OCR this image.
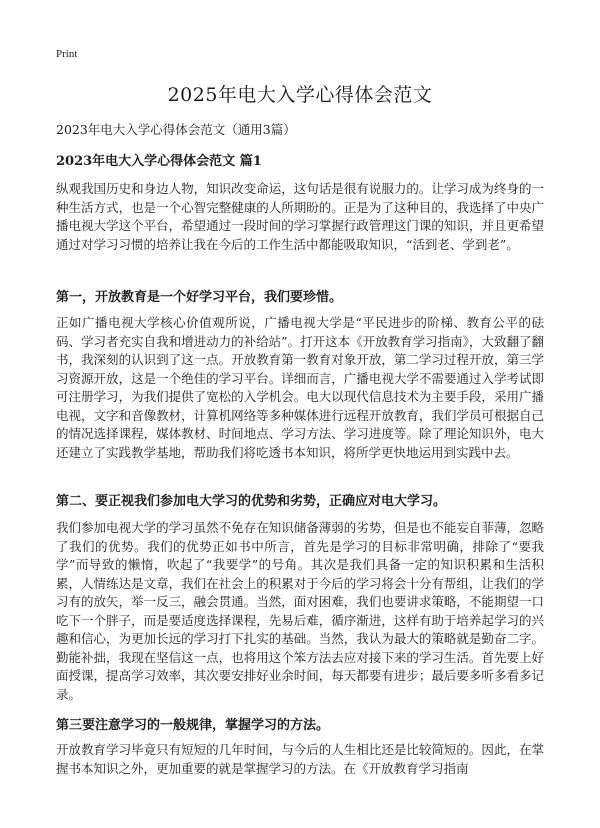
Print
2025年电大入学心得体会范文
2023年电大入学心得体会范文（通用3篇）
2023年电大入学心得体会范文 篇1

纵观我国历史和身边人物，知识改变命运，这句话是很有说服力的。让学习成为终身的一种生活方式，也是一个心智完整健康的人所期盼的。正是为了这种目的，我选择了中央广播电视大学这个平台，希望通过一段时间的学习掌握行政管理这门课的知识，并且更希望通过对学习习惯的培养让我在今后的工作生活中都能吸取知识，“活到老、学到老”。

第一，开放教育是一个好学习平台，我们要珍惜。

正如广播电视大学核心价值观所说，广播电视大学是“平民进步的阶梯、教育公平的砝码、学习者充实自我和增进动力的补给站”。打开这本《开放教育学习指南》，大致翻了翻书，我深刻的认识到了这一点。开放教育第一教育对象开放，第二学习过程开放，第三学习资源开放，这是一个绝佳的学习平台。详细而言，广播电视大学不需要通过入学考试即可注册学习，为我们提供了宽松的入学机会。电大以现代信息技术为主要手段，采用广播电视，文字和音像教材，计算机网络等多种媒体进行远程开放教育，我们学员可根据自己的情况选择课程，媒体教材、时间地点、学习方法、学习进度等。除了理论知识外，电大还建立了实践教学基地，帮助我们将吃透书本知识，将所学更快地运用到实践中去。

第二、要正视我们参加电大学习的优势和劣势，正确应对电大学习。

我们参加电视大学的学习虽然不免存在知识储备薄弱的劣势，但是也不能妄自菲薄，忽略了我们的优势。我们的优势正如书中所言，首先是学习的目标非常明确，排除了“要我学”而导致的懒惰，吹起了“我要学”的号角。其次是我们具备一定的知识积累和生活积累，人情练达是文章，我们在社会上的积累对于今后的学习将会十分有帮组，让我们的学习有的放矢，举一反三，融会贯通。当然，面对困难，我们也要讲求策略，不能期望一口吃下一个胖子，而是要适度选择课程，先易后难，循序渐进，这样有助于培养起学习的兴趣和信心，为更加长远的学习打下扎实的基础。当然，我认为最大的策略就是勤奋二字。勤能补拙，我现在坚信这一点，也将用这个笨方法去应对接下来的学习生活。首先要上好面授课，提高学习效率，其次要安排好业余时间，每天都要有进步；最后要多听多看多记录。

第三要注意学习的一般规律，掌握学习的方法。

开放教育学习毕竟只有短短的几年时间，与今后的人生相比还是比较简短的。因此，在掌握书本知识之外，更加重要的就是掌握学习的方法。在《开放教育学习指南
